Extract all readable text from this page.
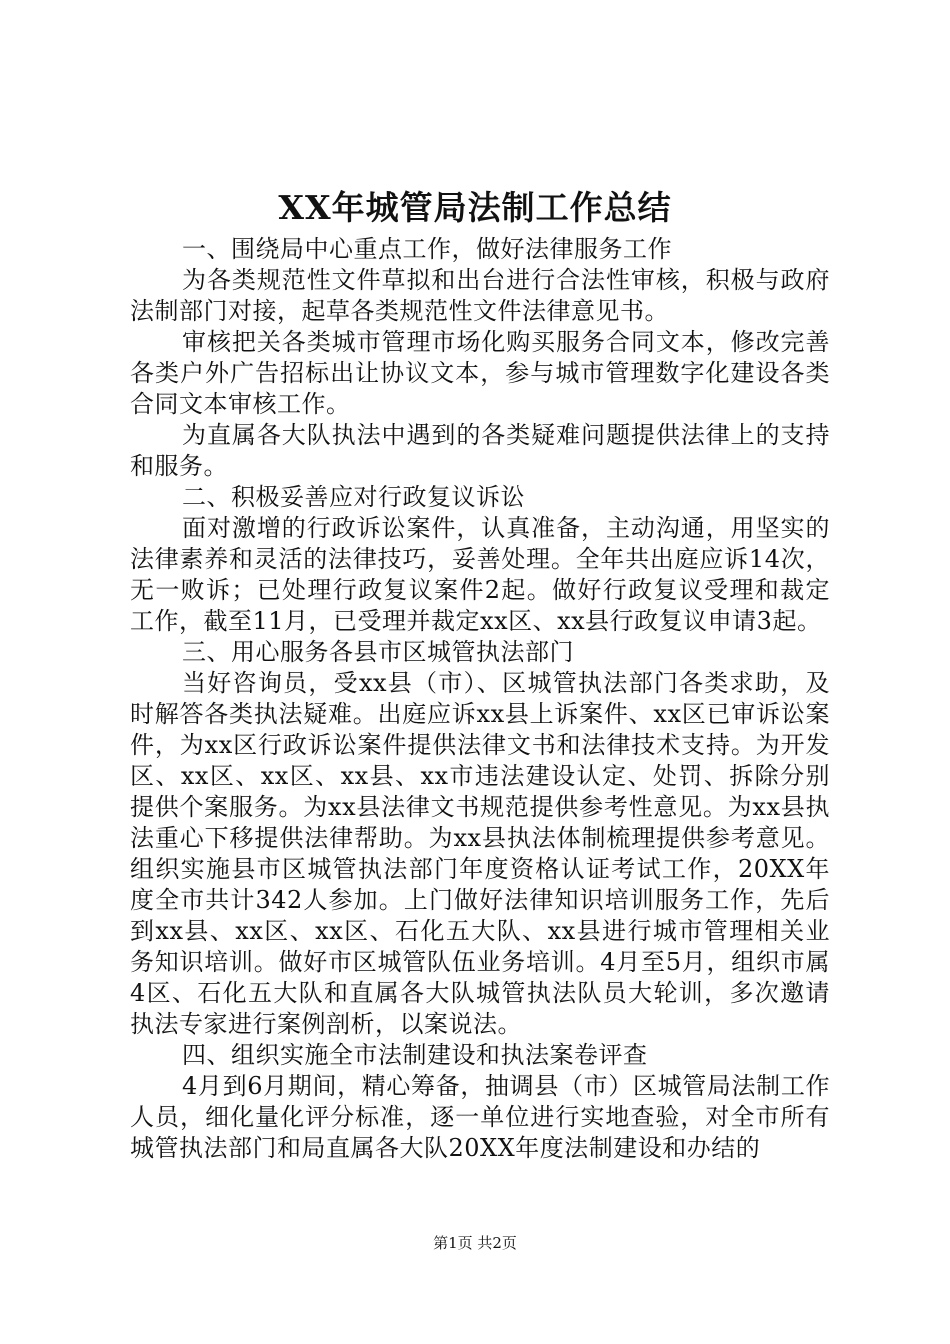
XX年城管局法制工作总结

一、围绕局中心重点工作，做好法律服务工作

为各类规范性文件草拟和出台进行合法性审核，积极与政府法制部门对接，起草各类规范性文件法律意见书。

审核把关各类城市管理市场化购买服务合同文本，修改完善各类户外广告招标出让协议文本，参与城市管理数字化建设各类合同文本审核工作。

为直属各大队执法中遇到的各类疑难问题提供法律上的支持和服务。

二、积极妥善应对行政复议诉讼

面对激增的行政诉讼案件，认真准备，主动沟通，用坚实的法律素养和灵活的法律技巧，妥善处理。全年共出庭应诉14次，无一败诉；已处理行政复议案件2起。做好行政复议受理和裁定工作，截至11月，已受理并裁定xx区、xx县行政复议申请3起。

三、用心服务各县市区城管执法部门

当好咨询员，受xx县（市）、区城管执法部门各类求助，及时解答各类执法疑难。出庭应诉xx县上诉案件、xx区已审诉讼案件，为xx区行政诉讼案件提供法律文书和法律技术支持。为开发区、xx区、xx区、xx县、xx市违法建设认定、处罚、拆除分别提供个案服务。为xx县法律文书规范提供参考性意见。为xx县执法重心下移提供法律帮助。为xx县执法体制梳理提供参考意见。组织实施县市区城管执法部门年度资格认证考试工作，20XX年度全市共计342人参加。上门做好法律知识培训服务工作，先后到xx县、xx区、xx区、石化五大队、xx县进行城市管理相关业务知识培训。做好市区城管队伍业务培训。4月至5月，组织市属4区、石化五大队和直属各大队城管执法队员大轮训，多次邀请执法专家进行案例剖析，以案说法。

四、组织实施全市法制建设和执法案卷评查

4月到6月期间，精心筹备，抽调县（市）区城管局法制工作人员，细化量化评分标准，逐一单位进行实地查验，对全市所有城管执法部门和局直属各大队20XX年度法制建设和办结的

第1页 共2页
